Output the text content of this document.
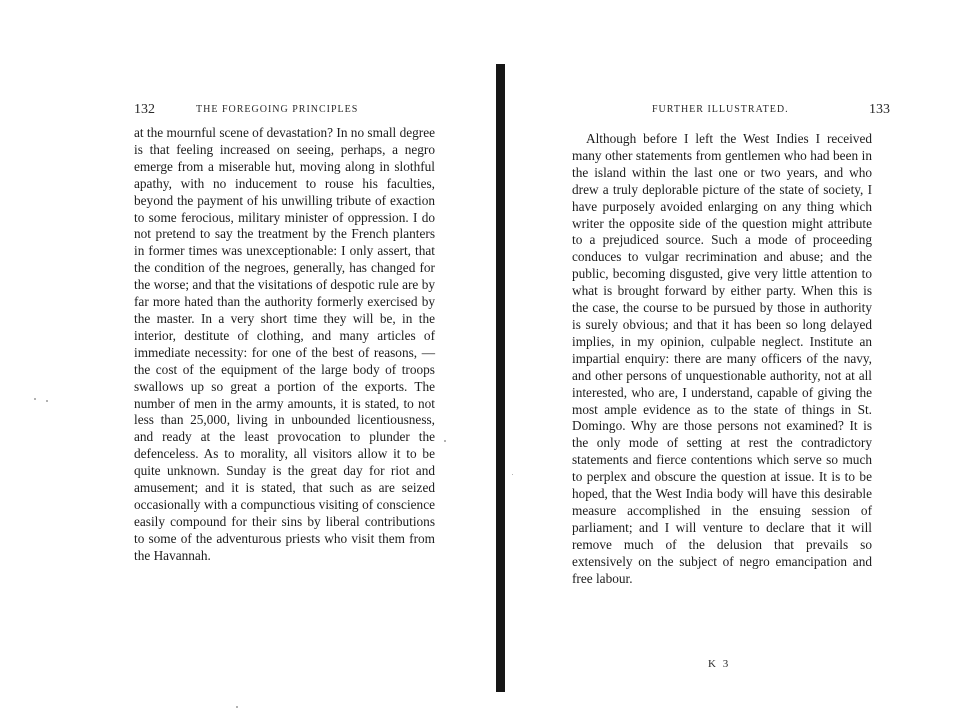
132	THE FOREGOING PRINCIPLES

at the mournful scene of devastation? In no small degree is that feeling increased on seeing, perhaps, a negro emerge from a miserable hut, moving along in slothful apathy, with no inducement to rouse his faculties, beyond the payment of his unwilling tribute of exaction to some ferocious, military minister of oppression. I do not pretend to say the treatment by the French planters in former times was unexceptionable: I only assert, that the condition of the negroes, generally, has changed for the worse; and that the visitations of despotic rule are by far more hated than the authority formerly exercised by the master. In a very short time they will be, in the interior, destitute of clothing, and many articles of immediate necessity: for one of the best of reasons, — the cost of the equipment of the large body of troops swallows up so great a portion of the exports. The number of men in the army amounts, it is stated, to not less than 25,000, living in unbounded licentiousness, and ready at the least provocation to plunder the defenceless. As to morality, all visitors allow it to be quite unknown. Sunday is the great day for riot and amusement; and it is stated, that such as are seized occasionally with a compunctious visiting of conscience easily compound for their sins by liberal contributions to some of the adventurous priests who visit them from the Havannah.

FURTHER ILLUSTRATED.	133

Although before I left the West Indies I received many other statements from gentlemen who had been in the island within the last one or two years, and who drew a truly deplorable picture of the state of society, I have purposely avoided enlarging on any thing which writer the opposite side of the question might attribute to a prejudiced source. Such a mode of proceeding conduces to vulgar recrimination and abuse; and the public, becoming disgusted, give very little attention to what is brought forward by either party. When this is the case, the course to be pursued by those in authority is surely obvious; and that it has been so long delayed implies, in my opinion, culpable neglect. Institute an impartial enquiry: there are many officers of the navy, and other persons of unquestionable authority, not at all interested, who are, I understand, capable of giving the most ample evidence as to the state of things in St. Domingo. Why are those persons not examined? It is the only mode of setting at rest the contradictory statements and fierce contentions which serve so much to perplex and obscure the question at issue. It is to be hoped, that the West India body will have this desirable measure accomplished in the ensuing session of parliament; and I will venture to declare that it will remove much of the delusion that prevails so extensively on the subject of negro emancipation and free labour.

K 3
